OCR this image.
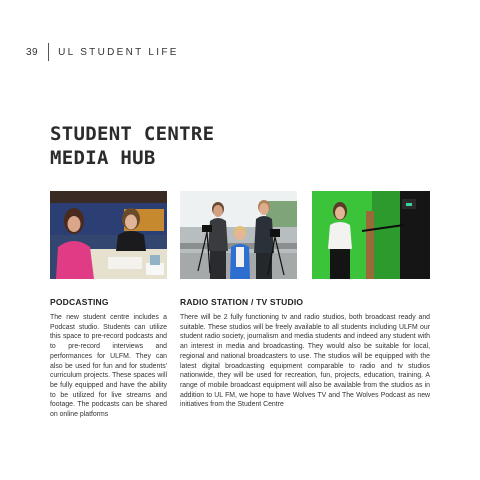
39 UL STUDENT LIFE
STUDENT CENTRE
MEDIA HUB
PODCASTING	RADIO STATION / TV STUDIO
The new student centre includes a Podcast studio. Students can utilize this space to pre-record podcasts and to pre-record interviews and performances for ULFM. They can also be used for fun and for students' curriculum projects. These spaces will be fully equipped and have the ability to be utilized for live streams and footage. The podcasts can be shared on online platforms
There will be 2 fully functioning tv and radio studios, both broadcast ready and suitable. These studios will be freely available to all students including ULFM our student radio society, journalism and media students and indeed any student with an interest in media and broadcasting. They would also be suitable for local, regional and national broadcasters to use. The studios will be equipped with the latest digital broadcasting equipment comparable to radio and tv studios nationwide, they will be used for recreation, fun, projects, education, training. A range of mobile broadcast equipment will also be available from the studios as in addition to UL FM, we hope to have Wolves TV and The Wolves Podcast as new initiatives from the Student Centre
